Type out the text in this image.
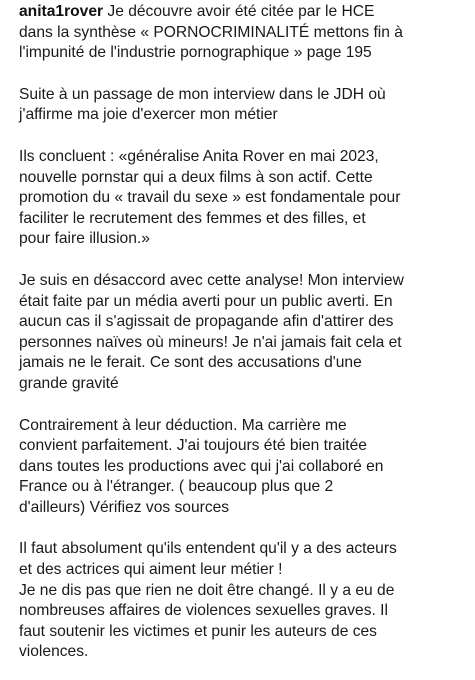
anita1rover Je découvre avoir été citée par le HCE
dans la synthèse « PORNOCRIMINALITÉ mettons fin à
l'impunité de l'industrie pornographique » page 195

Suite à un passage de mon interview dans le JDH où
j'affirme ma joie d'exercer mon métier

Ils concluent : «généralise Anita Rover en mai 2023,
nouvelle pornstar qui a deux films à son actif. Cette
promotion du « travail du sexe » est fondamentale pour
faciliter le recrutement des femmes et des filles, et
pour faire illusion.»

Je suis en désaccord avec cette analyse! Mon interview
était faite par un média averti pour un public averti. En
aucun cas il s'agissait de propagande afin d'attirer des
personnes naïves où mineurs! Je n'ai jamais fait cela et
jamais ne le ferait. Ce sont des accusations d'une
grande gravité

Contrairement à leur déduction. Ma carrière me
convient parfaitement. J'ai toujours été bien traitée
dans toutes les productions avec qui j'ai collaboré en
France ou à l'étranger. ( beaucoup plus que 2
d'ailleurs) Vérifiez vos sources

Il faut absolument qu'ils entendent qu'il y a des acteurs
et des actrices qui aiment leur métier !

Je ne dis pas que rien ne doit être changé. Il y a eu de
nombreuses affaires de violences sexuelles graves. Il
faut soutenir les victimes et punir les auteurs de ces
violences.
